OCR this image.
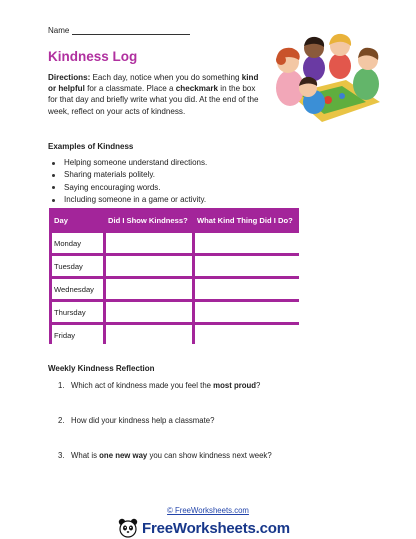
Name
Kindness Log
Directions: Each day, notice when you do something kind or helpful for a classmate. Place a checkmark in the box for that day and briefly write what you did. At the end of the week, reflect on your acts of kindness.
Examples of Kindness
Helping someone understand directions.
Sharing materials politely.
Saying encouraging words.
Including someone in a game or activity.
Day	Did I Show Kindness?	What Kind Thing Did I Do?
Monday
Tuesday
Wednesday
Thursday
Friday
Weekly Kindness Reflection
1. Which act of kindness made you feel the most proud?
2. How did your kindness help a classmate?
3. What is one new way you can show kindness next week?
© FreeWorksheets.com
FreeWorksheets.com
